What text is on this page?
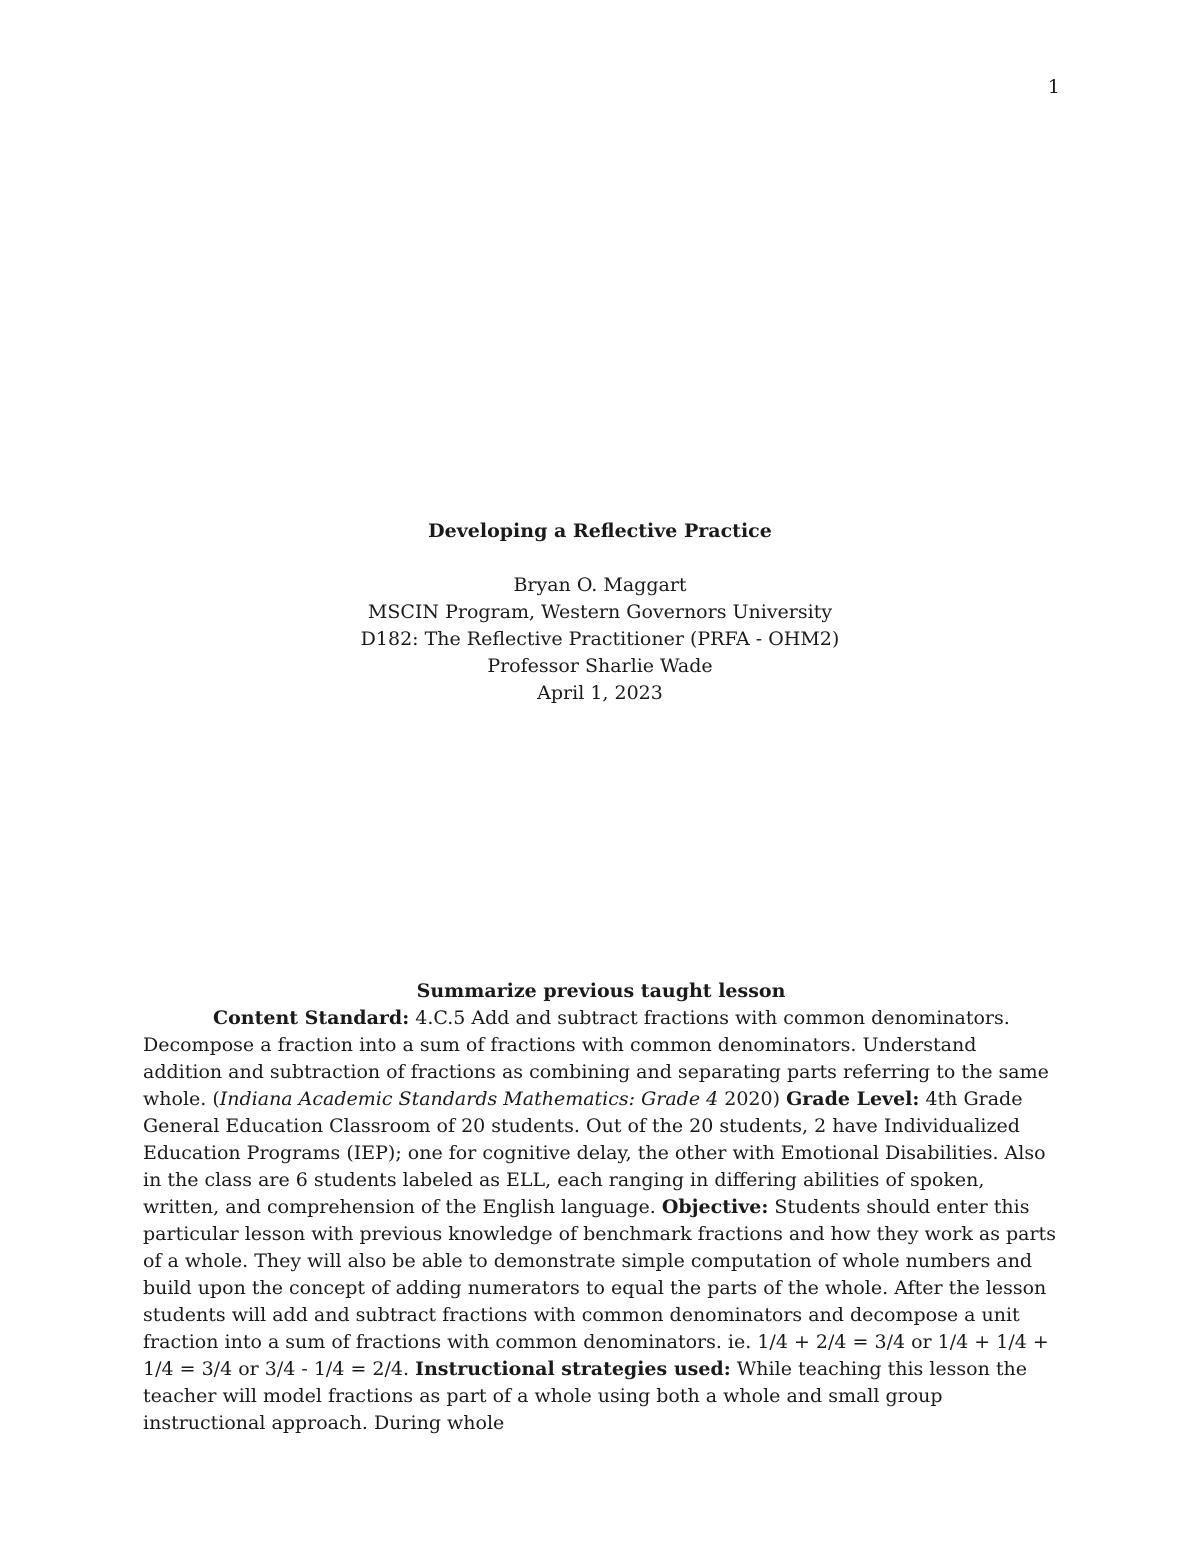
1

Developing a Reflective Practice

Bryan O. Maggart

MSCIN Program, Western Governors University

D182: The Reflective Practitioner (PRFA - OHM2)

Professor Sharlie Wade

April 1, 2023

Summarize previous taught lesson

Content Standard: 4.C.5 Add and subtract fractions with common denominators. Decompose a fraction into a sum of fractions with common denominators. Understand addition and subtraction of fractions as combining and separating parts referring to the same whole. (Indiana Academic Standards Mathematics: Grade 4 2020) Grade Level: 4th Grade General Education Classroom of 20 students. Out of the 20 students, 2 have Individualized Education Programs (IEP); one for cognitive delay, the other with Emotional Disabilities. Also in the class are 6 students labeled as ELL, each ranging in differing abilities of spoken, written, and comprehension of the English language. Objective: Students should enter this particular lesson with previous knowledge of benchmark fractions and how they work as parts of a whole. They will also be able to demonstrate simple computation of whole numbers and build upon the concept of adding numerators to equal the parts of the whole. After the lesson students will add and subtract fractions with common denominators and decompose a unit fraction into a sum of fractions with common denominators. ie. 1/4 + 2/4 = 3/4 or 1/4 + 1/4 + 1/4 = 3/4 or 3/4 - 1/4 = 2/4. Instructional strategies used: While teaching this lesson the teacher will model fractions as part of a whole using both a whole and small group instructional approach. During whole
